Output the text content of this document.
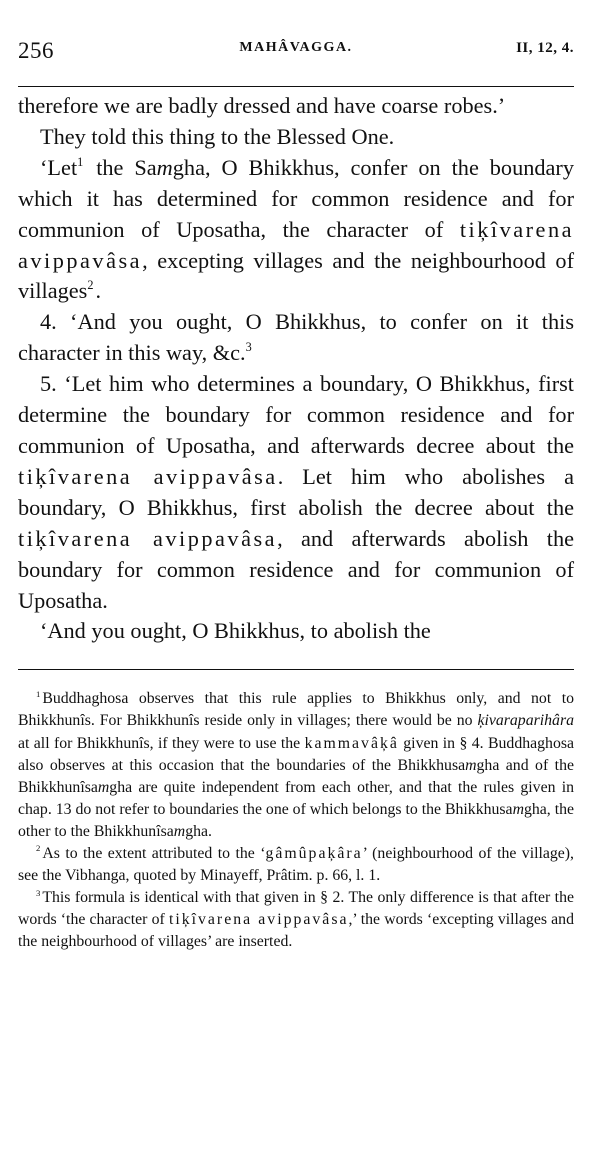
256	MAHÂVAGGA.	II, 12, 4.

therefore we are badly dressed and have coarse robes.’

They told this thing to the Blessed One.

‘Let$^1$ the Samgha, O Bhikkhus, confer on the boundary which it has determined for common residence and for communion of Uposatha, the character of tiķîvarena avippavâsa, excepting villages and the neighbourhood of villages$^2$.

4. ‘And you ought, O Bhikkhus, to confer on it this character in this way, &c.$^3$

5. ‘Let him who determines a boundary, O Bhikkhus, first determine the boundary for common residence and for communion of Uposatha, and afterwards decree about the tiķîvarena avippavâsa. Let him who abolishes a boundary, O Bhikkhus, first abolish the decree about the tiķîvarena avippavâsa, and afterwards abolish the boundary for common residence and for communion of Uposatha.

‘And you ought, O Bhikkhus, to abolish the

$^1$ Buddhaghosa observes that this rule applies to Bhikkhus only, and not to Bhikkhunîs. For Bhikkhunîs reside only in villages; there would be no ķivaraparihâra at all for Bhikkhunîs, if they were to use the kammavâķâ given in § 4. Buddhaghosa also observes at this occasion that the boundaries of the Bhikkhusamgha and of the Bhikkhunîsamgha are quite independent from each other, and that the rules given in chap. 13 do not refer to boundaries the one of which belongs to the Bhikkhusamgha, the other to the Bhikkhunîsamgha.

$^2$ As to the extent attributed to the ‘gâmûpaķâra’ (neighbourhood of the village), see the Vibhanga, quoted by Minayeff, Prâtim. p. 66, l. 1.

$^3$ This formula is identical with that given in § 2. The only difference is that after the words ‘the character of tiķîvarena avippavâsa,’ the words ‘excepting villages and the neighbourhood of villages’ are inserted.
